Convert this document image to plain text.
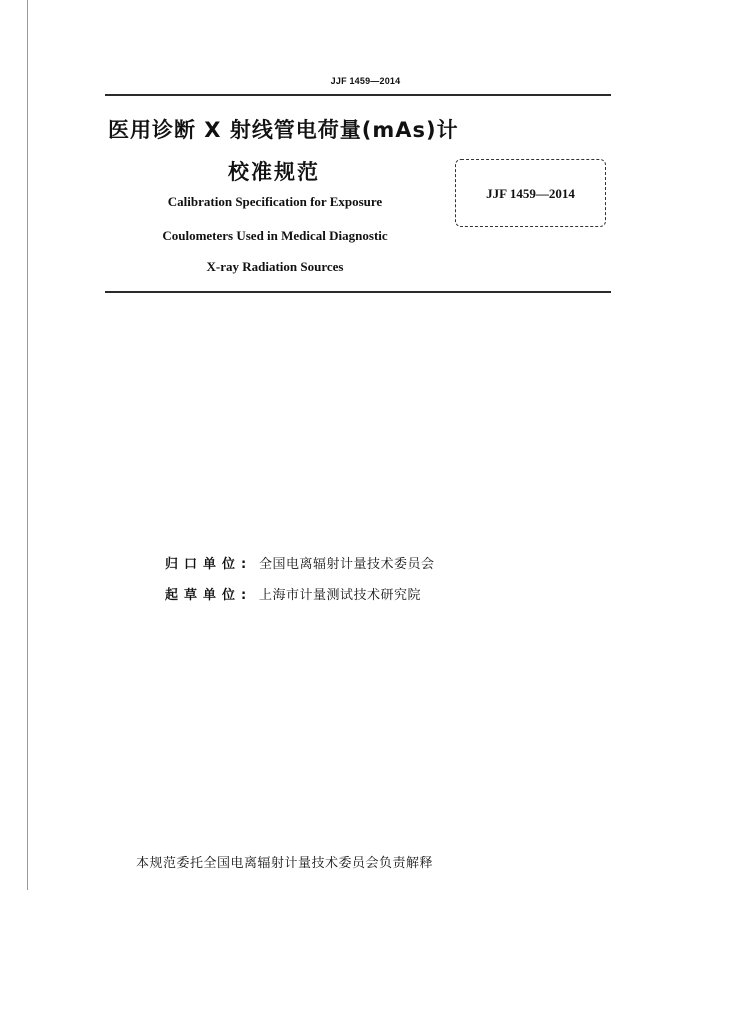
JJF 1459—2014
医用诊断 X 射线管电荷量(mAs)计
校准规范
Calibration Specification for Exposure
Coulometers Used in Medical Diagnostic
X-ray Radiation Sources
JJF 1459—2014
归口单位: 全国电离辐射计量技术委员会
起草单位: 上海市计量测试技术研究院
本规范委托全国电离辐射计量技术委员会负责解释
